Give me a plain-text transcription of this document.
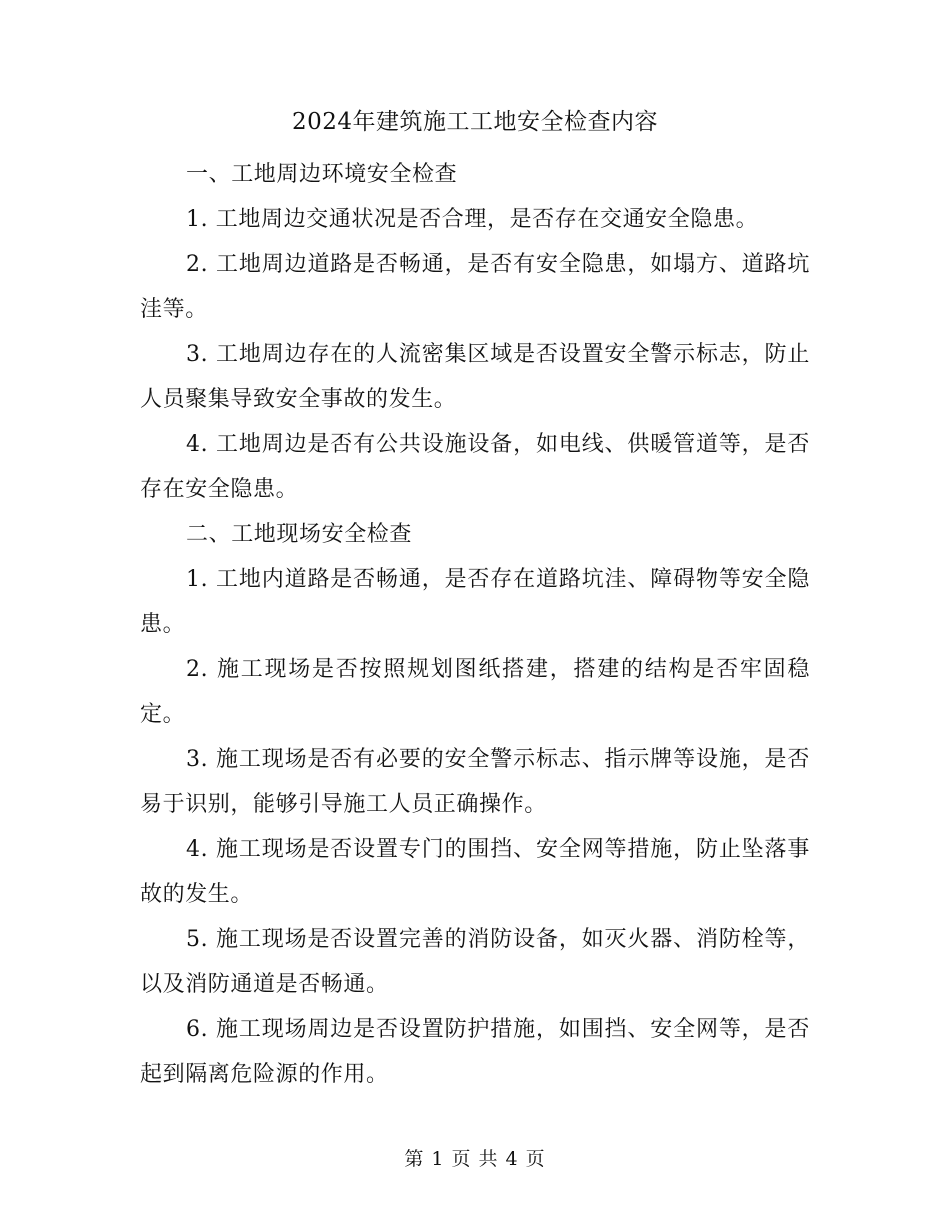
2024年建筑施工工地安全检查内容

一、工地周边环境安全检查

1. 工地周边交通状况是否合理，是否存在交通安全隐患。

2. 工地周边道路是否畅通，是否有安全隐患，如塌方、道路坑洼等。

3. 工地周边存在的人流密集区域是否设置安全警示标志，防止人员聚集导致安全事故的发生。

4. 工地周边是否有公共设施设备，如电线、供暖管道等，是否存在安全隐患。

二、工地现场安全检查

1. 工地内道路是否畅通，是否存在道路坑洼、障碍物等安全隐患。

2. 施工现场是否按照规划图纸搭建，搭建的结构是否牢固稳定。

3. 施工现场是否有必要的安全警示标志、指示牌等设施，是否易于识别，能够引导施工人员正确操作。

4. 施工现场是否设置专门的围挡、安全网等措施，防止坠落事故的发生。

5. 施工现场是否设置完善的消防设备，如灭火器、消防栓等，以及消防通道是否畅通。

6. 施工现场周边是否设置防护措施，如围挡、安全网等，是否起到隔离危险源的作用。

第 1 页 共 4 页
